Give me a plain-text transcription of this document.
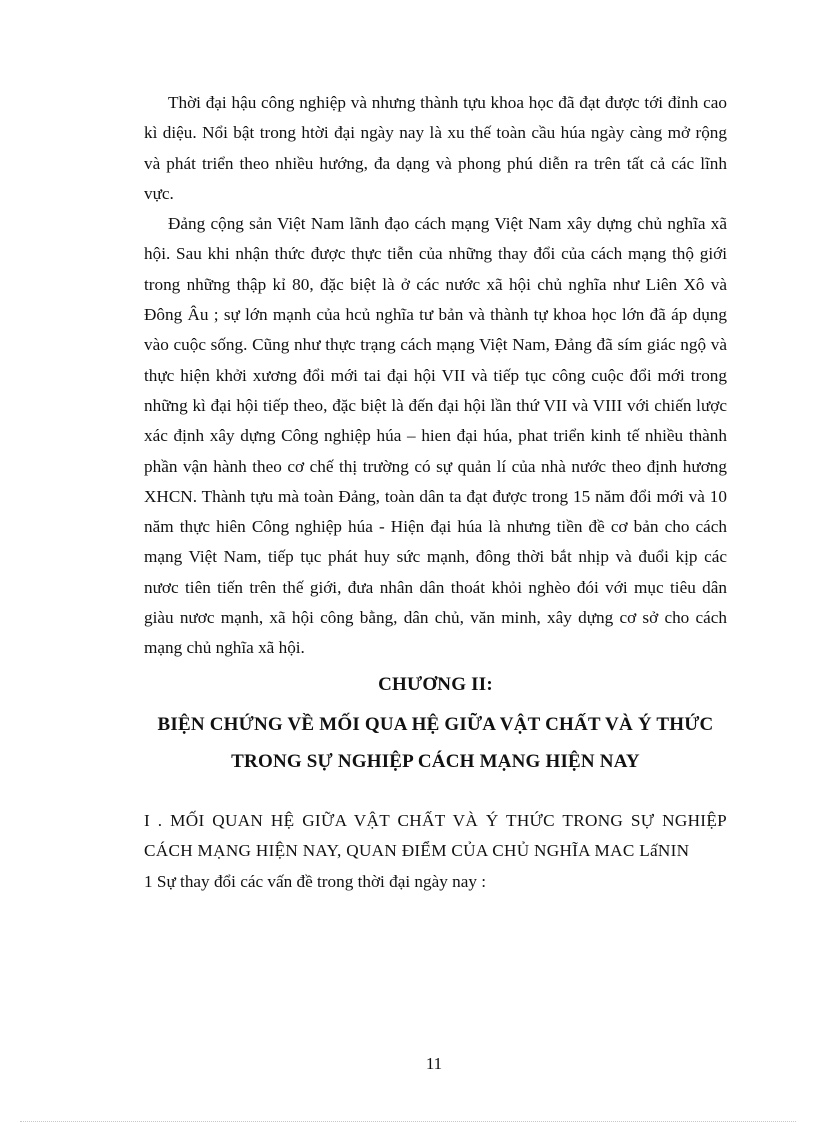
Thời đại hậu công nghiệp và nhưng thành tựu khoa học đã đạt được tới đỉnh cao kì diệu. Nổi bật trong htời đại ngày nay là xu thế toàn cầu húa ngày càng mở rộng và phát triển theo nhiều hướng, đa dạng và phong phú diễn ra trên tất cả các lĩnh vực.

Đảng cộng sản Việt Nam lãnh đạo cách mạng Việt Nam xây dựng chủ nghĩa xã hội. Sau khi nhận thức được thực tiễn của những thay đổi của cách mạng thộ giới trong những thập kỉ 80, đặc biệt là ở các nước xã hội chủ nghĩa như Liên Xô và Đông Âu ; sự lớn mạnh của hcủ nghĩa tư bản và thành tự khoa học lớn đã áp dụng vào cuộc sống. Cũng như thực trạng cách mạng Việt Nam, Đảng đã sím giác ngộ và thực hiện khởi xương đổi mới tai đại hội VII và tiếp tục công cuộc đổi mới trong những kì đại hội tiếp theo, đặc biệt là đến đại hội lần thứ VII và VIII với chiến lược xác định xây dựng Công nghiệp húa – hien đại húa, phat triển kinh tế nhiều thành phần vận hành theo cơ chế thị trường có sự quản lí của nhà nước theo định hương XHCN. Thành tựu mà toàn Đảng, toàn dân ta đạt được trong 15 năm đổi mới và 10 năm thực hiên Công nghiệp húa - Hiện đại húa là nhưng tiền đề cơ bản cho cách mạng Việt Nam, tiếp tục phát huy sức mạnh, đông thời bắt nhịp và đuổi kịp các nươc tiên tiến trên thế giới, đưa nhân dân thoát khỏi nghèo đói với mục tiêu dân giàu nươc mạnh, xã hội công bằng, dân chủ, văn minh, xây dựng cơ sở cho cách mạng chủ nghĩa xã hội.

CHƯƠNG II:
BIỆN CHỨNG VỀ MỐI QUA HỆ GIỮA VẬT CHẤT VÀ Ý THỨC TRONG SỰ NGHIỆP CÁCH MẠNG HIỆN NAY

I . MỐI QUAN HỆ GIỮA VẬT CHẤT VÀ Ý THỨC TRONG SỰ NGHIỆP CÁCH MẠNG HIỆN NAY, QUAN ĐIỂM CỦA CHỦ NGHĨA MAC LấNIN

1 Sự thay đổi các vấn đề trong thời đại ngày nay :

11
